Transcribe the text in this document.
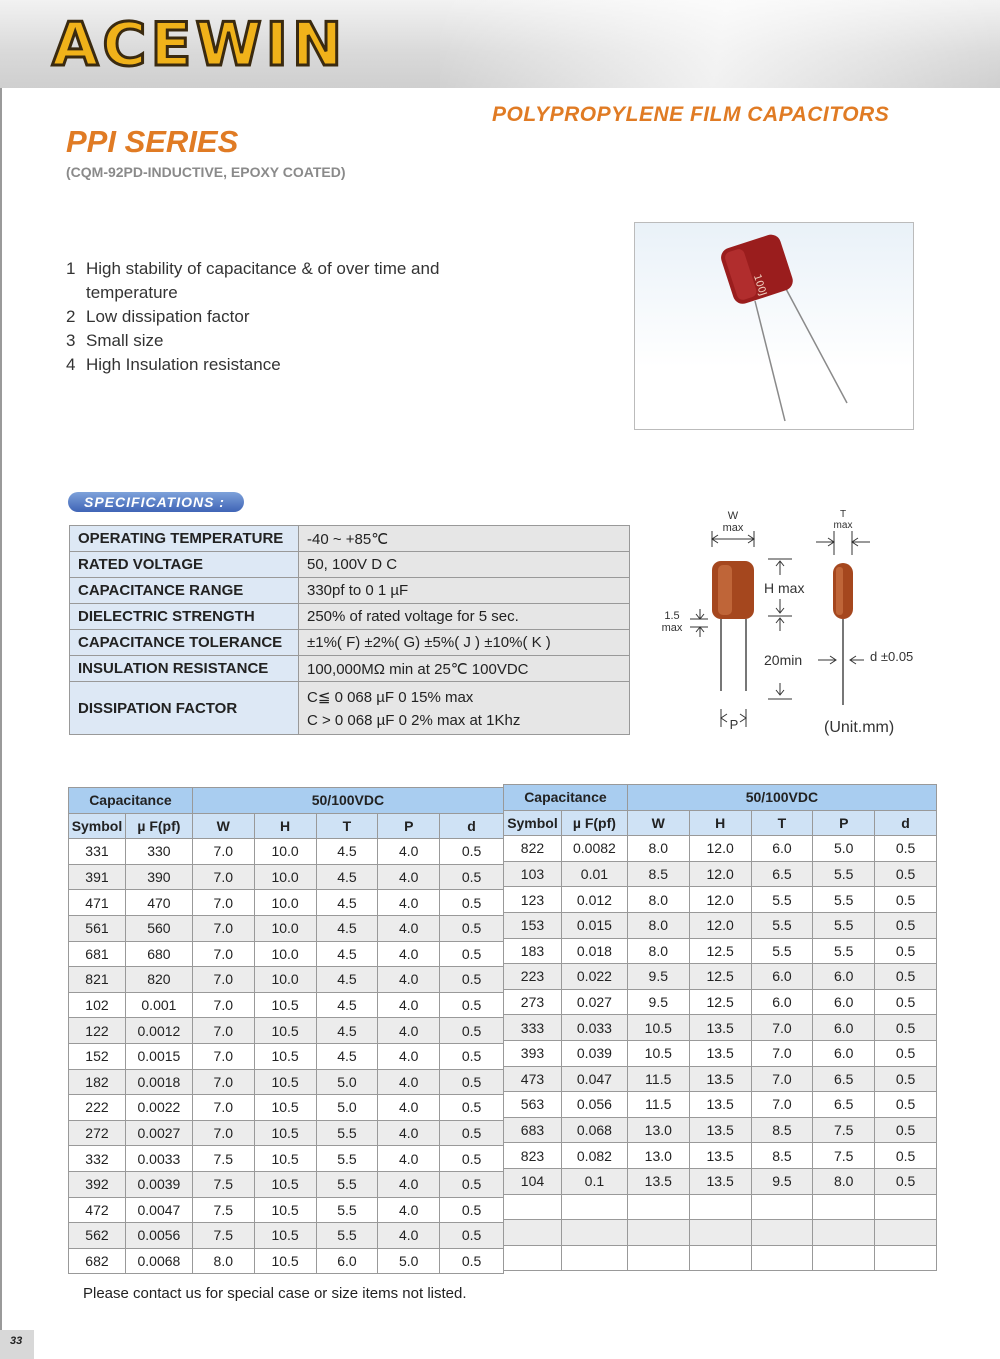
ACEWIN
POLYPROPYLENE FILM CAPACITORS
PPI SERIES
(CQM-92PD-INDUCTIVE, EPOXY COATED)
1 High stability of capacitance & of over time and temperature
2 Low dissipation factor
3 Small size
4 High Insulation resistance
100J
SPECIFICATIONS :
OPERATING TEMPERATURE	-40 ~ +85℃
RATED VOLTAGE	50, 100V D C
CAPACITANCE RANGE	330pf to 0 1 µF
DIELECTRIC STRENGTH	250% of rated voltage for 5 sec.
CAPACITANCE TOLERANCE	±1%( F) ±2%( G) ±5%( J ) ±10%( K )
INSULATION RESISTANCE	100,000MΩ min at 25℃ 100VDC
DISSIPATION FACTOR	C≦ 0 068 µF 0 15% max
C > 0 068 µF 0 2% max at 1Khz
W
max
1.5
max
P
H max
20min
T
max
d ±0.05
(Unit.mm)
Capacitance		50/100VDC				
Symbol	µ F(pf)	W	H	T	P	d
331	330	7.0	10.0	4.5	4.0	0.5
391	390	7.0	10.0	4.5	4.0	0.5
471	470	7.0	10.0	4.5	4.0	0.5
561	560	7.0	10.0	4.5	4.0	0.5
681	680	7.0	10.0	4.5	4.0	0.5
821	820	7.0	10.0	4.5	4.0	0.5
102	0.001	7.0	10.5	4.5	4.0	0.5
122	0.0012	7.0	10.5	4.5	4.0	0.5
152	0.0015	7.0	10.5	4.5	4.0	0.5
182	0.0018	7.0	10.5	5.0	4.0	0.5
222	0.0022	7.0	10.5	5.0	4.0	0.5
272	0.0027	7.0	10.5	5.5	4.0	0.5
332	0.0033	7.5	10.5	5.5	4.0	0.5
392	0.0039	7.5	10.5	5.5	4.0	0.5
472	0.0047	7.5	10.5	5.5	4.0	0.5
562	0.0056	7.5	10.5	5.5	4.0	0.5
682	0.0068	8.0	10.5	6.0	5.0	0.5
Capacitance		50/100VDC				
Symbol	µ F(pf)	W	H	T	P	d
822	0.0082	8.0	12.0	6.0	5.0	0.5
103	0.01	8.5	12.0	6.5	5.5	0.5
123	0.012	8.0	12.0	5.5	5.5	0.5
153	0.015	8.0	12.0	5.5	5.5	0.5
183	0.018	8.0	12.5	5.5	5.5	0.5
223	0.022	9.5	12.5	6.0	6.0	0.5
273	0.027	9.5	12.5	6.0	6.0	0.5
333	0.033	10.5	13.5	7.0	6.0	0.5
393	0.039	10.5	13.5	7.0	6.0	0.5
473	0.047	11.5	13.5	7.0	6.5	0.5
563	0.056	11.5	13.5	7.0	6.5	0.5
683	0.068	13.0	13.5	8.5	7.5	0.5
823	0.082	13.0	13.5	8.5	7.5	0.5
104	0.1	13.5	13.5	9.5	8.0	0.5

Please contact us for special case or size items not listed.
33
